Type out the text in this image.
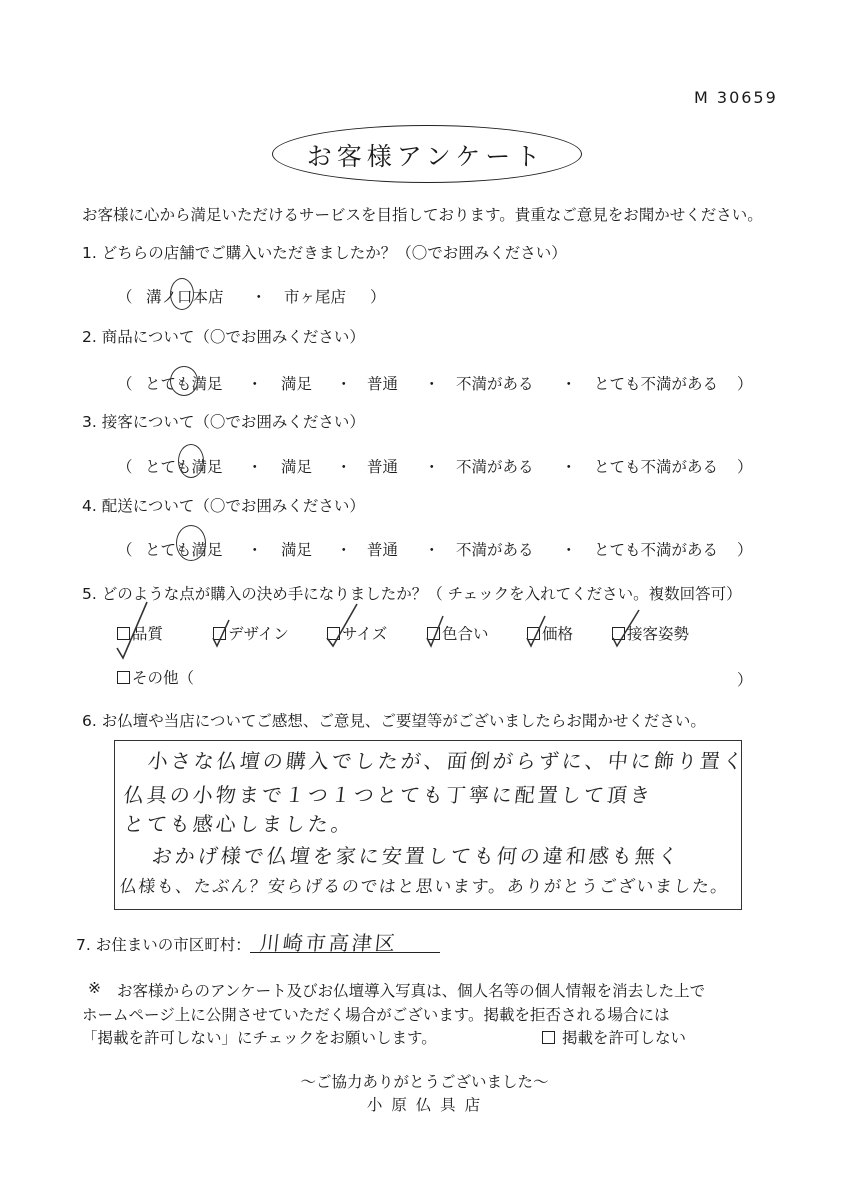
M 30659
お客様アンケート
お客様に心から満足いただけるサービスを目指しております。貴重なご意見をお聞かせください。
1. どちらの店舗でご購入いただきましたか？（〇でお囲みください）
（ 溝ノ口本店 ・ 市ヶ尾店 ）
2. 商品について（〇でお囲みください）
（ とても満足 ・ 満足 ・ 普通 ・ 不満がある ・ とても不満がある ）
3. 接客について（〇でお囲みください）
（ とても満足 ・ 満足 ・ 普通 ・ 不満がある ・ とても不満がある ）
4. 配送について（〇でお囲みください）
（ とても満足 ・ 満足 ・ 普通 ・ 不満がある ・ とても不満がある ）
5. どのような点が購入の決め手になりましたか？（ チェックを入れてください。複数回答可）
品質	デザイン	サイズ	色合い	価格	接客姿勢
その他（	）
6. お仏壇や当店についてご感想、ご意見、ご要望等がございましたらお聞かせください。
小さな仏壇の購入でしたが、面倒がらずに、中に飾り置く
仏具の小物まで１つ１つとても丁寧に配置して頂き
とても感心しました。
おかげ様で仏壇を家に安置しても何の違和感も無く
仏様も、たぶん？安らげるのではと思います。ありがとうございました。
7. お住まいの市区町村： 川崎市高津区
※ お客様からのアンケート及びお仏壇導入写真は、個人名等の個人情報を消去した上で
ホームページ上に公開させていただく場合がございます。掲載を拒否される場合には
「掲載を許可しない」にチェックをお願いします。	掲載を許可しない
～ご協力ありがとうございました～
小 原 仏 具 店
